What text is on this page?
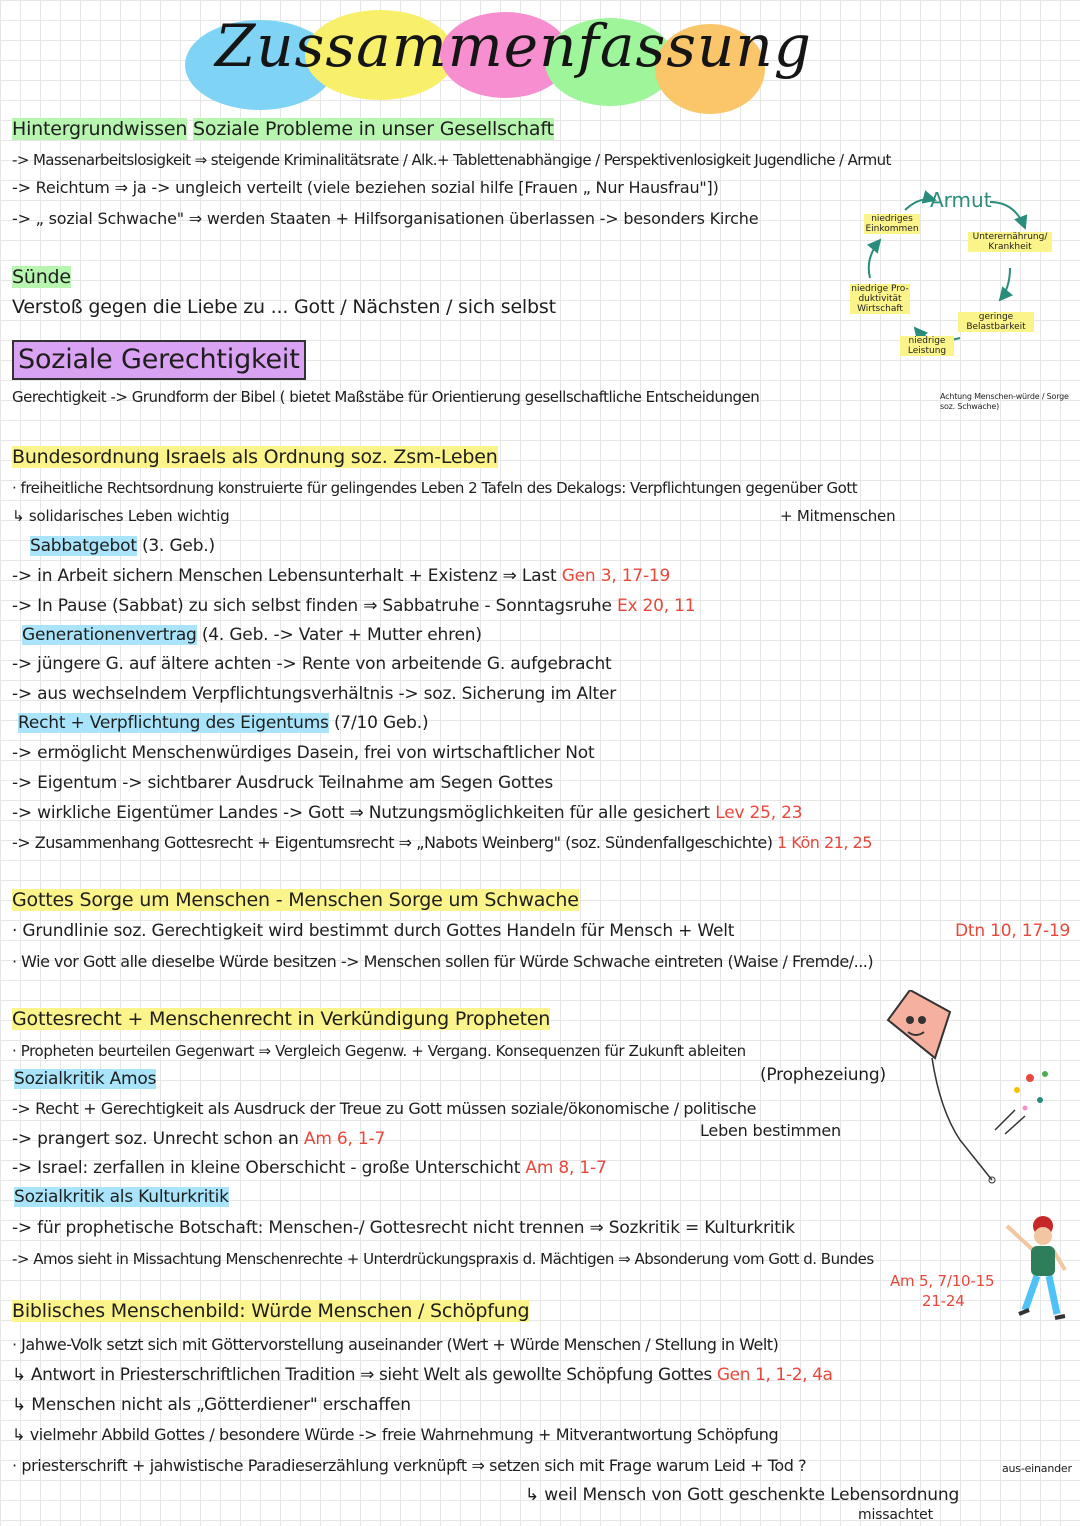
Zussammenfassung
Hintergrundwissen Soziale Probleme in unser Gesellschaft
-> Massenarbeitslosigkeit ⇒ steigende Kriminalitätsrate / Alk.+ Tablettenabhängige / Perspektivenlosigkeit Jugendliche / Armut
-> Reichtum ⇒ ja -> ungleich verteilt (viele beziehen sozial hilfe [Frauen „ Nur Hausfrau"])
-> „ sozial Schwache" ⇒ werden Staaten + Hilfsorganisationen überlassen -> besonders Kirche
Armut
niedriges Einkommen
Unterernährung/ Krankheit
niedrige Pro-duktivität Wirtschaft
geringe Belastbarkeit
niedrige Leistung
Sünde
Verstoß gegen die Liebe zu ... Gott / Nächsten / sich selbst
Soziale Gerechtigkeit
Gerechtigkeit -> Grundform der Bibel ( bietet Maßstäbe für Orientierung gesellschaftliche Entscheidungen	Achtung Menschen-würde / Sorge soz. Schwache)
Bundesordnung Israels als Ordnung soz. Zsm-Leben
· freiheitliche Rechtsordnung konstruierte für gelingendes Leben 2 Tafeln des Dekalogs: Verpflichtungen gegenüber Gott
↳ solidarisches Leben wichtig	+ Mitmenschen
Sabbatgebot (3. Geb.)
-> in Arbeit sichern Menschen Lebensunterhalt + Existenz ⇒ Last Gen 3, 17-19
-> In Pause (Sabbat) zu sich selbst finden ⇒ Sabbatruhe - Sonntagsruhe Ex 20, 11
Generationenvertrag (4. Geb. -> Vater + Mutter ehren)
-> jüngere G. auf ältere achten -> Rente von arbeitende G. aufgebracht
-> aus wechselndem Verpflichtungsverhältnis -> soz. Sicherung im Alter
Recht + Verpflichtung des Eigentums (7/10 Geb.)
-> ermöglicht Menschenwürdiges Dasein, frei von wirtschaftlicher Not
-> Eigentum -> sichtbarer Ausdruck Teilnahme am Segen Gottes
-> wirkliche Eigentümer Landes -> Gott ⇒ Nutzungsmöglichkeiten für alle gesichert Lev 25, 23
-> Zusammenhang Gottesrecht + Eigentumsrecht ⇒ „Nabots Weinberg" (soz. Sündenfallgeschichte) 1 Kön 21, 25
Gottes Sorge um Menschen - Menschen Sorge um Schwache
· Grundlinie soz. Gerechtigkeit wird bestimmt durch Gottes Handeln für Mensch + Welt	Dtn 10, 17-19
· Wie vor Gott alle dieselbe Würde besitzen -> Menschen sollen für Würde Schwache eintreten (Waise / Fremde/...)
Gottesrecht + Menschenrecht in Verkündigung Propheten
· Propheten beurteilen Gegenwart ⇒ Vergleich Gegenw. + Vergang. Konsequenzen für Zukunft ableiten
(Prophezeiung)
Sozialkritik Amos
-> Recht + Gerechtigkeit als Ausdruck der Treue zu Gott müssen soziale/ökonomische / politische
Leben bestimmen
-> prangert soz. Unrecht schon an Am 6, 1-7
-> Israel: zerfallen in kleine Oberschicht - große Unterschicht Am 8, 1-7
Sozialkritik als Kulturkritik
-> für prophetische Botschaft: Menschen-/ Gottesrecht nicht trennen ⇒ Sozkritik = Kulturkritik
-> Amos sieht in Missachtung Menschenrechte + Unterdrückungspraxis d. Mächtigen ⇒ Absonderung vom Gott d. Bundes
Am 5, 7/10-15
21-24
Biblisches Menschenbild: Würde Menschen / Schöpfung
· Jahwe-Volk setzt sich mit Göttervorstellung auseinander (Wert + Würde Menschen / Stellung in Welt)
↳ Antwort in Priesterschriftlichen Tradition ⇒ sieht Welt als gewollte Schöpfung Gottes Gen 1, 1-2, 4a
↳ Menschen nicht als „Götterdiener" erschaffen
↳ vielmehr Abbild Gottes / besondere Würde -> freie Wahrnehmung + Mitverantwortung Schöpfung
· priesterschrift + jahwistische Paradieserzählung verknüpft ⇒ setzen sich mit Frage warum Leid + Tod ?	aus-einander
↳ weil Mensch von Gott geschenkte Lebensordnung
missachtet
